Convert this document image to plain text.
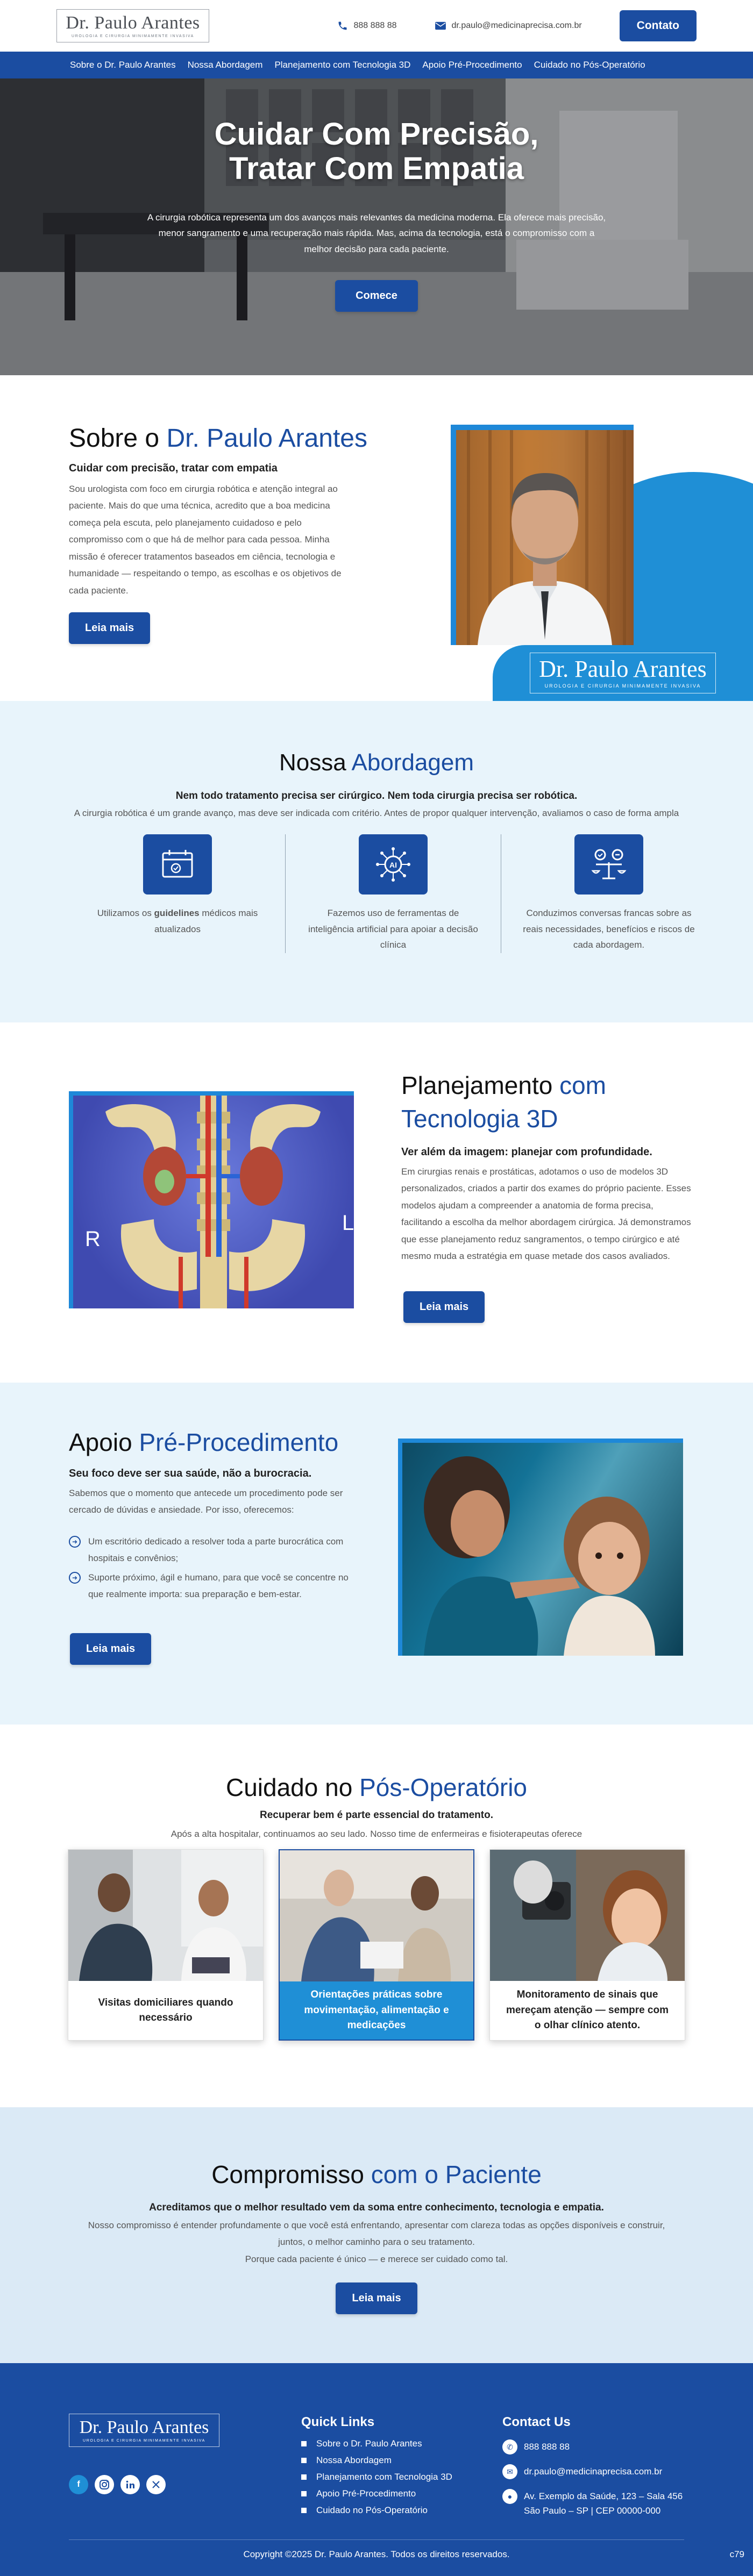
Dr. Paulo Arantes
UROLOGIA E CIRURGIA MINIMAMENTE INVASIVA
888 888 88	dr.paulo@medicinaprecisa.com.br	Contato
Sobre o Dr. Paulo Arantes Nossa Abordagem Planejamento com Tecnologia 3D Apoio Pré-Procedimento Cuidado no Pós-Operatório
Cuidar Com Precisão,
Tratar Com Empatia

A cirurgia robótica representa um dos avanços mais relevantes da medicina moderna. Ela oferece mais precisão, menor sangramento e uma recuperação mais rápida. Mas, acima da tecnologia, está o compromisso com a melhor decisão para cada paciente.

Comece
Sobre o Dr. Paulo Arantes
Cuidar com precisão, tratar com empatia

Sou urologista com foco em cirurgia robótica e atenção integral ao paciente. Mais do que uma técnica, acredito que a boa medicina começa pela escuta, pelo planejamento cuidadoso e pelo compromisso com o que há de melhor para cada pessoa. Minha missão é oferecer tratamentos baseados em ciência, tecnologia e humanidade — respeitando o tempo, as escolhas e os objetivos de cada paciente.

Leia mais
Dr. Paulo Arantes
UROLOGIA E CIRURGIA MINIMAMENTE INVASIVA
Nossa Abordagem
Nem todo tratamento precisa ser cirúrgico. Nem toda cirurgia precisa ser robótica.

A cirurgia robótica é um grande avanço, mas deve ser indicada com critério. Antes de propor qualquer intervenção, avaliamos o caso de forma ampla

Utilizamos os guidelines médicos mais atualizados

AI

Fazemos uso de ferramentas de inteligência artificial para apoiar a decisão clínica

Conduzimos conversas francas sobre as reais necessidades, benefícios e riscos de cada abordagem.

R
L
Planejamento com
Tecnologia 3D
Ver além da imagem: planejar com profundidade.

Em cirurgias renais e prostáticas, adotamos o uso de modelos 3D personalizados, criados a partir dos exames do próprio paciente. Esses modelos ajudam a compreender a anatomia de forma precisa, facilitando a escolha da melhor abordagem cirúrgica. Já demonstramos que esse planejamento reduz sangramentos, o tempo cirúrgico e até mesmo muda a estratégia em quase metade dos casos avaliados.

Leia mais
Apoio Pré-Procedimento
Seu foco deve ser sua saúde, não a burocracia.

Sabemos que o momento que antecede um procedimento pode ser cercado de dúvidas e ansiedade. Por isso, oferecemos:

➜	Um escritório dedicado a resolver toda a parte burocrática com hospitais e convênios;
➜	Suporte próximo, ágil e humano, para que você se concentre no que realmente importa: sua preparação e bem-estar.
Leia mais
Cuidado no Pós-Operatório
Recuperar bem é parte essencial do tratamento.
Após a alta hospitalar, continuamos ao seu lado. Nosso time de enfermeiras e fisioterapeutas oferece
Visitas domiciliares quando necessário
Orientações práticas sobre movimentação, alimentação e medicações
Monitoramento de sinais que mereçam atenção — sempre com o olhar clínico atento.
Compromisso com o Paciente
Acreditamos que o melhor resultado vem da soma entre conhecimento, tecnologia e empatia.

Nosso compromisso é entender profundamente o que você está enfrentando, apresentar com clareza todas as opções disponíveis e construir,
juntos, o melhor caminho para o seu tratamento.
Porque cada paciente é único — e merece ser cuidado como tal.

Leia mais
Dr. Paulo Arantes
UROLOGIA E CIRURGIA MINIMAMENTE INVASIVA
f
Quick Links
Sobre o Dr. Paulo Arantes
Nossa Abordagem
Planejamento com Tecnologia 3D
Apoio Pré-Procedimento
Cuidado no Pós-Operatório
Contact Us
✆	888 888 88
✉	dr.paulo@medicinaprecisa.com.br
●	Av. Exemplo da Saúde, 123 – Sala 456
São Paulo – SP | CEP 00000-000
Copyright ©2025 Dr. Paulo Arantes. Todos os direitos reservados.	c79
